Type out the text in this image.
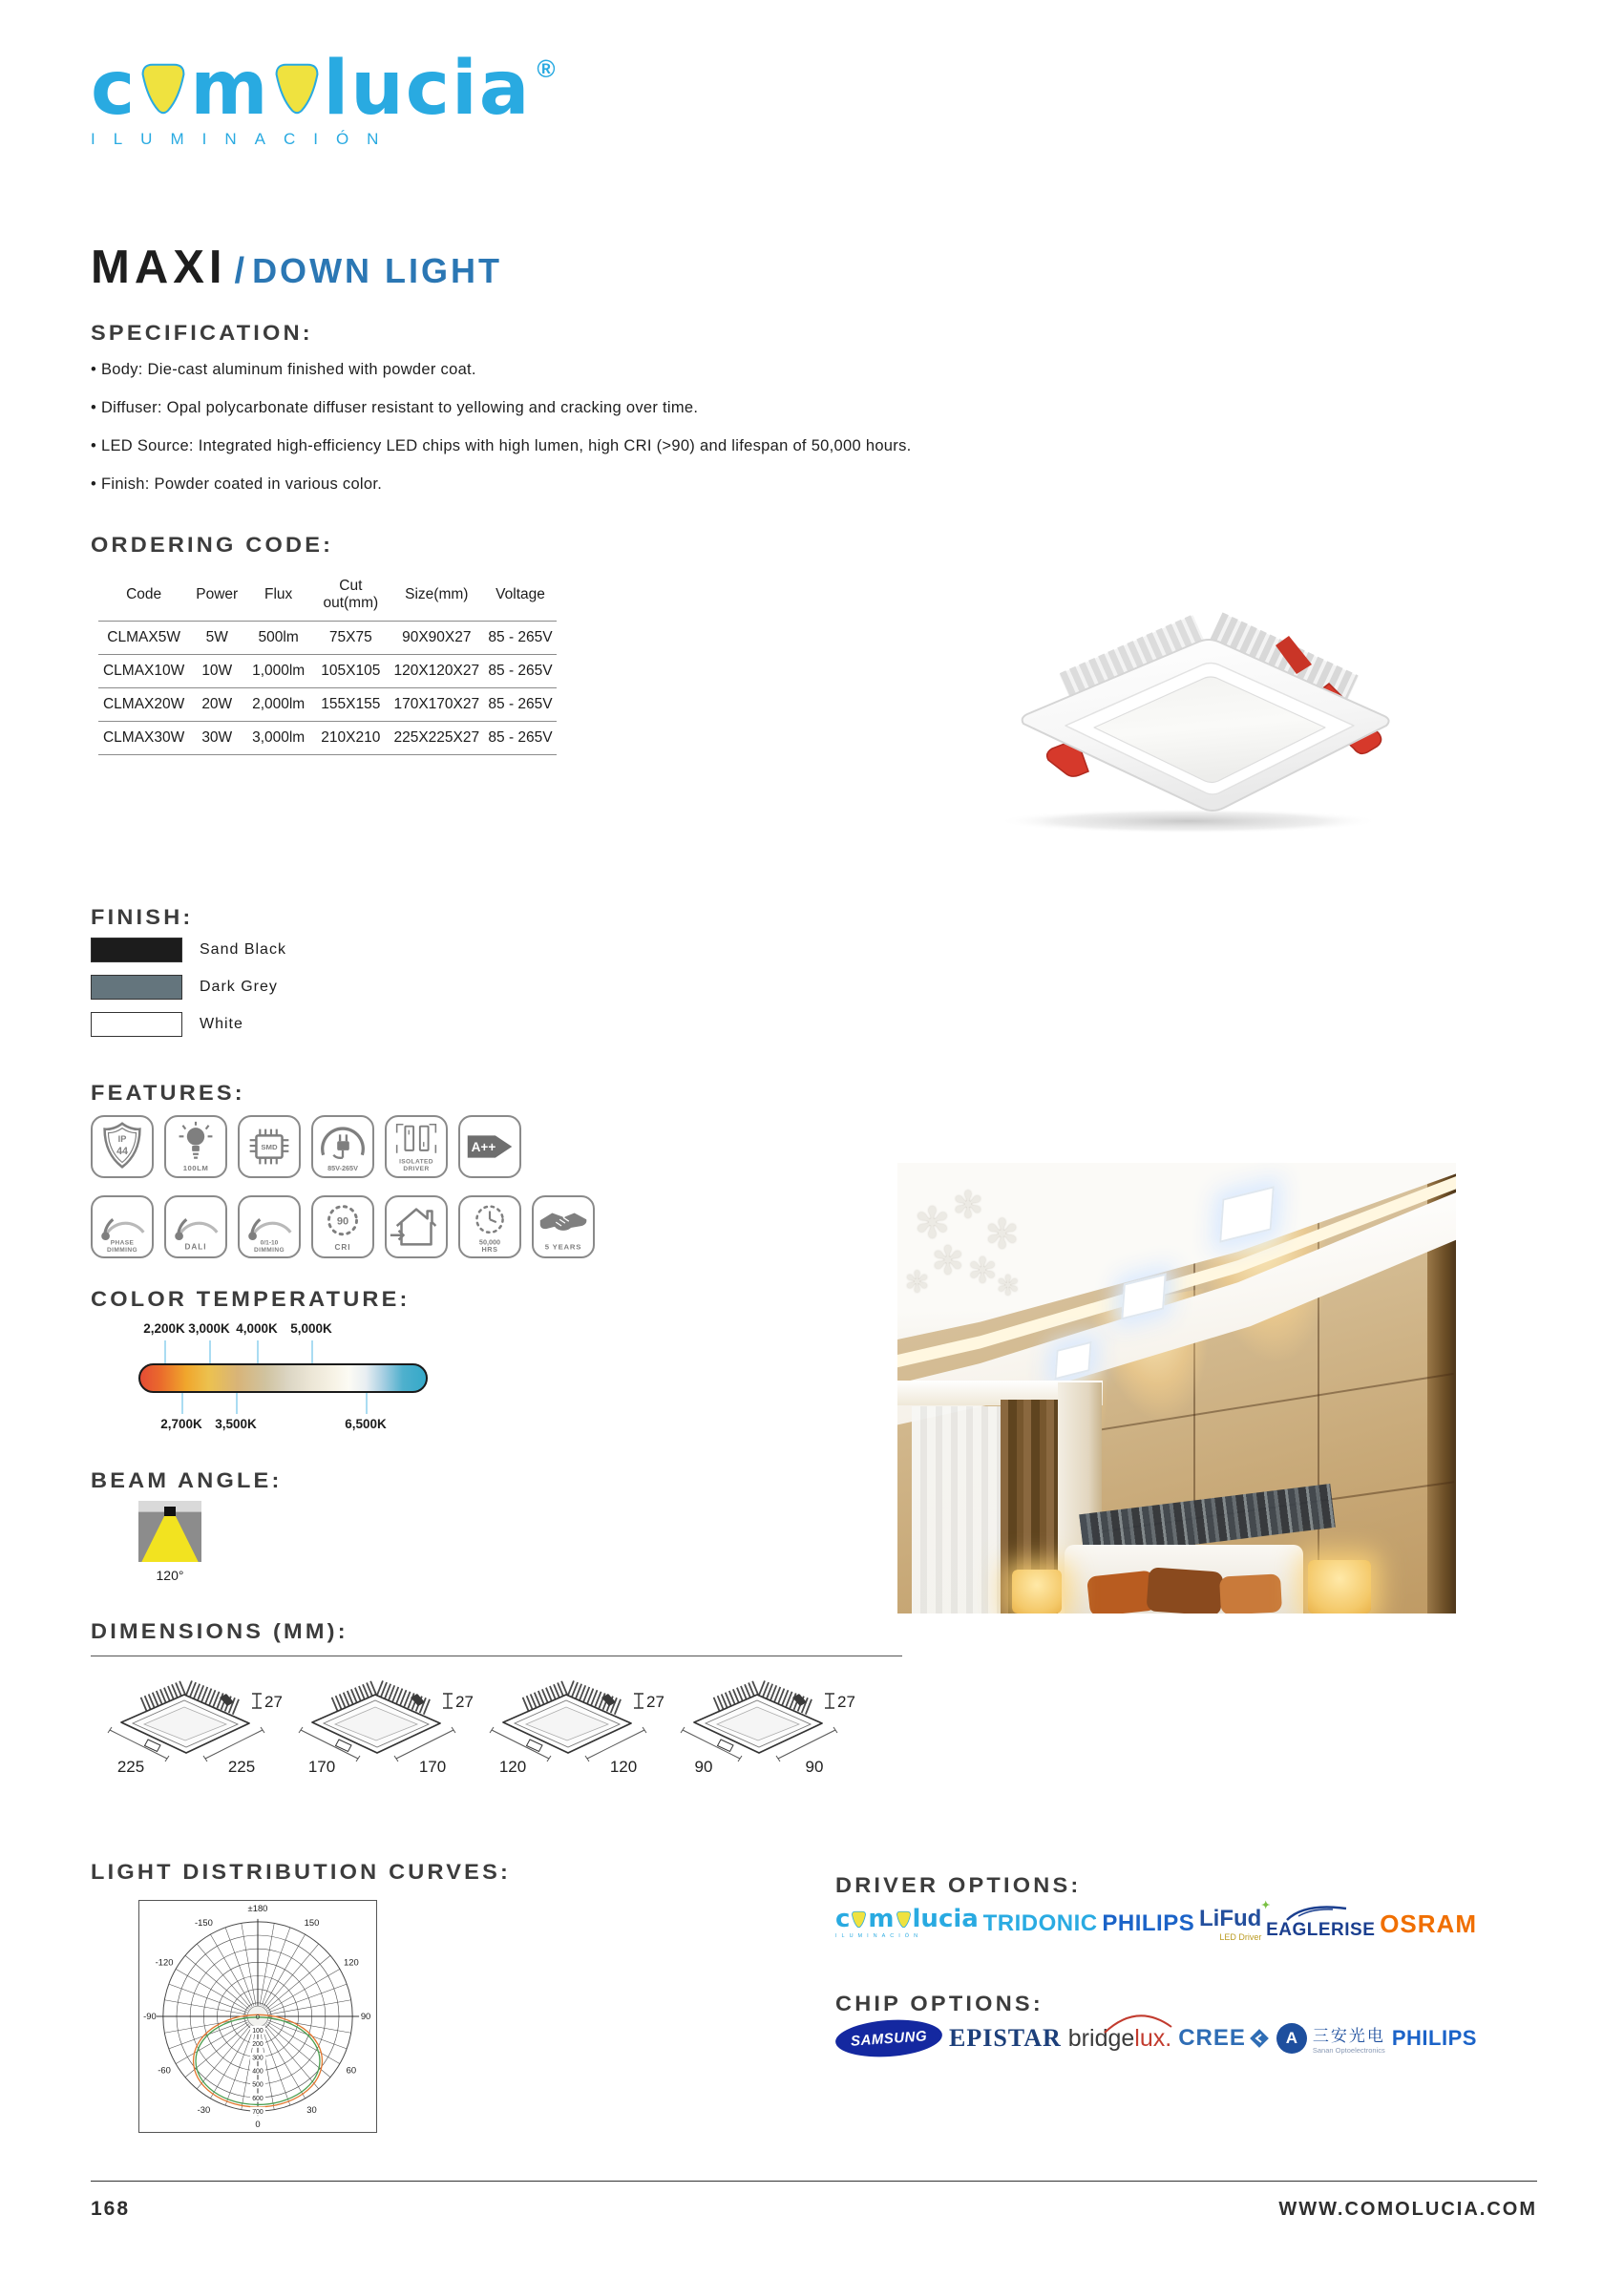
c m lucia ®
ILUMINACIÓN
MAXI / DOWN LIGHT
SPECIFICATION:
• Body: Die-cast aluminum finished with powder coat.
• Diffuser: Opal polycarbonate diffuser resistant to yellowing and cracking over time.
• LED Source: Integrated high-efficiency LED chips with high lumen, high CRI (>90) and lifespan of 50,000 hours.
• Finish: Powder coated in various color.
ORDERING CODE:
Code	Power	Flux	Cut out(mm)	Size(mm)	Voltage
CLMAX5W	5W	500lm	75X75	90X90X27	85 - 265V
CLMAX10W	10W	1,000lm	105X105	120X120X27	85 - 265V
CLMAX20W	20W	2,000lm	155X155	170X170X27	85 - 265V
CLMAX30W	30W	3,000lm	210X210	225X225X27	85 - 265V
FINISH:
Sand Black
Dark Grey
White
FEATURES:
IP
44
100LM
SMD
85V-265V
ISOLATED
DRIVER
A++
PHASE
DIMMING	DALI	0/1-10
DIMMING
90
CRI
50,000
HRS	5 YEARS
COLOR TEMPERATURE:
2,200K 3,000K 4,000K 5,000K
2,700K 3,500K	6,500K
BEAM ANGLE:
120°
DIMENSIONS (MM):
225	225
27
170	170
27
120	120
27
90	90
27
LIGHT DISTRIBUTION CURVES:
0
100
200
300
400
500
600
700
±180
150
-150
120
-120
90
-90
60
-60
30
-30
0
✻ ✻
✻
✻ ✻
✻	✻
DRIVER OPTIONS:
c m lucia
ILUMINACIÓN	TRIDONIC PHILIPS LiFud ✦
LED Driver EAGLERISE OSRAM
CHIP OPTIONS:
SAMSUNG EPISTAR bridgelux. CREE A 三安光电
Sanan Optoelectronics
PHILIPS
168	WWW.COMOLUCIA.COM
